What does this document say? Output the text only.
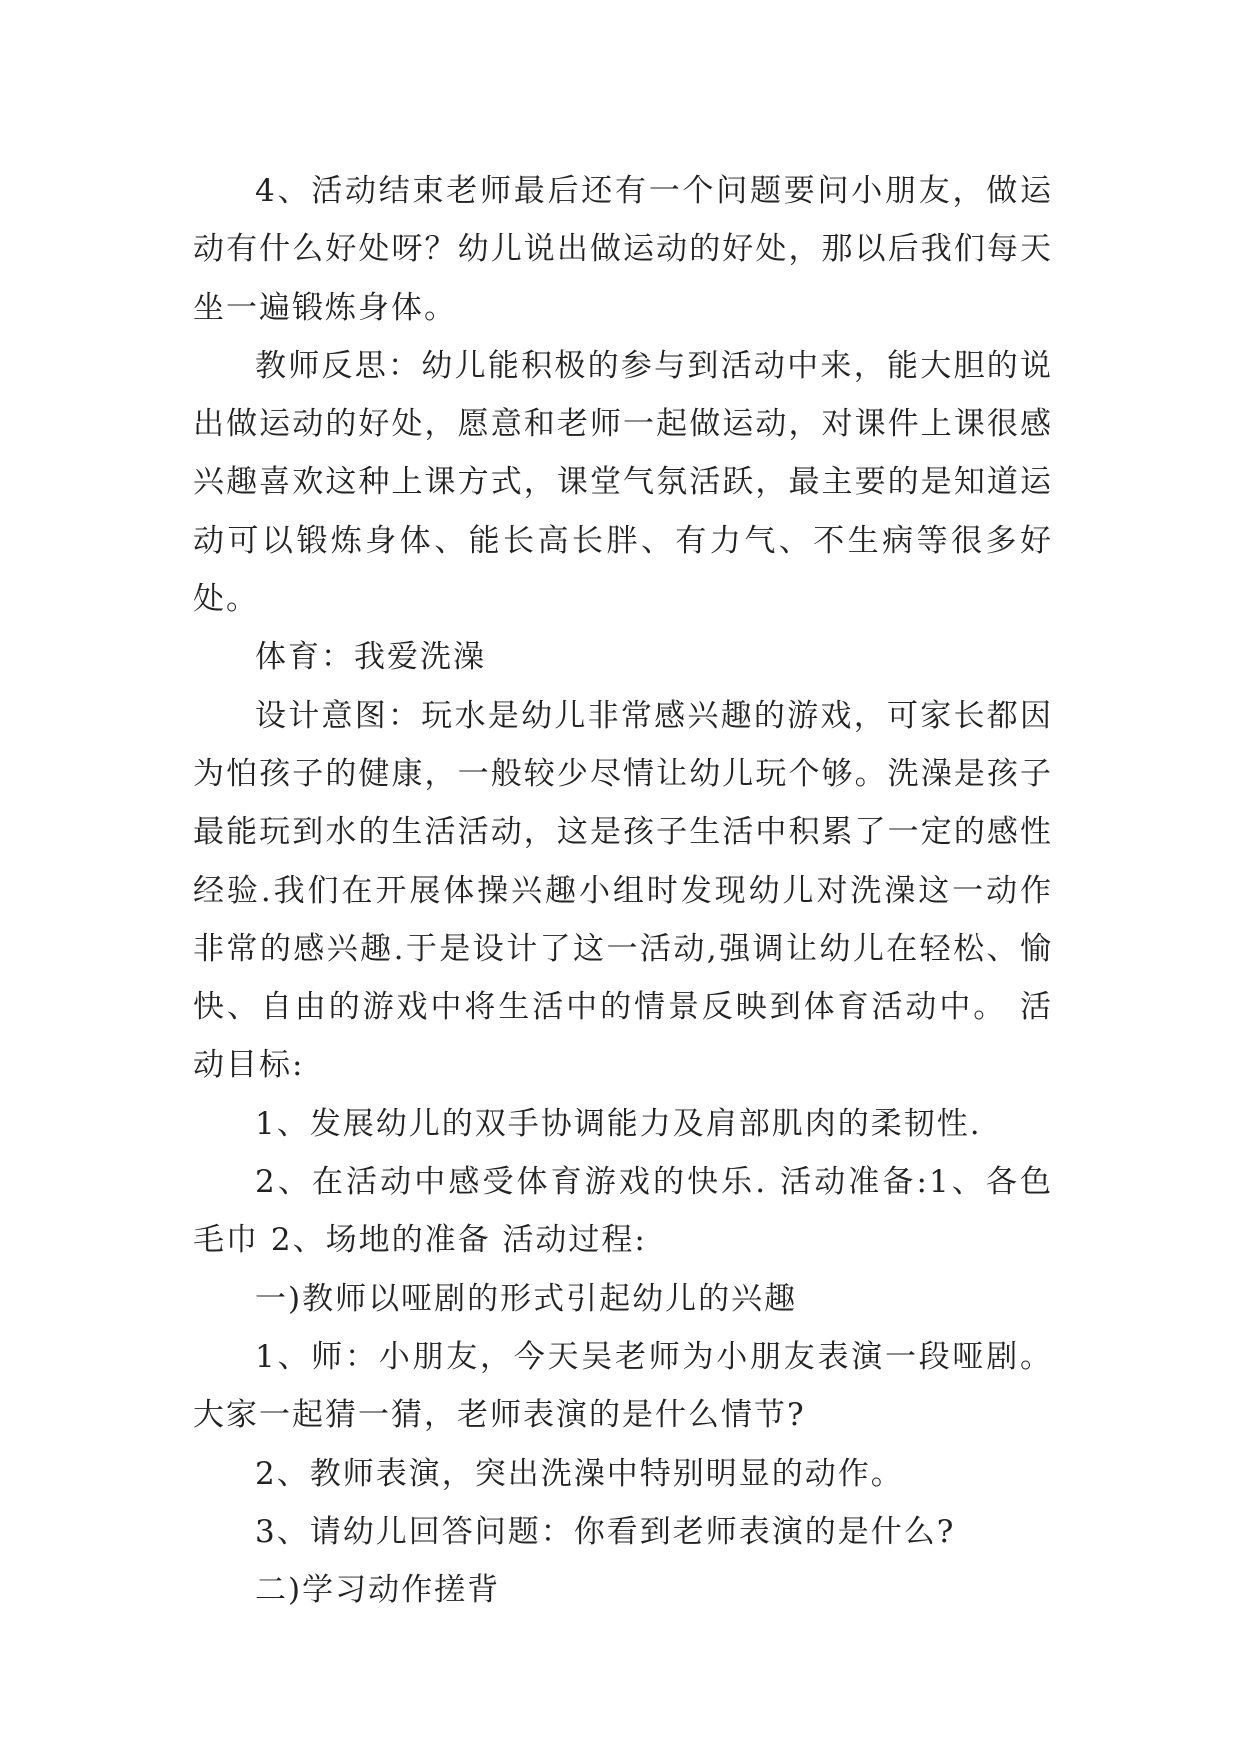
4、活动结束老师最后还有一个问题要问小朋友，做运动有什么好处呀？幼儿说出做运动的好处，那以后我们每天坐一遍锻炼身体。

教师反思：幼儿能积极的参与到活动中来，能大胆的说出做运动的好处，愿意和老师一起做运动，对课件上课很感兴趣喜欢这种上课方式，课堂气氛活跃，最主要的是知道运动可以锻炼身体、能长高长胖、有力气、不生病等很多好处。

体育：我爱洗澡

设计意图：玩水是幼儿非常感兴趣的游戏，可家长都因为怕孩子的健康，一般较少尽情让幼儿玩个够。洗澡是孩子最能玩到水的生活活动，这是孩子生活中积累了一定的感性经验.我们在开展体操兴趣小组时发现幼儿对洗澡这一动作非常的感兴趣.于是设计了这一活动,强调让幼儿在轻松、愉快、自由的游戏中将生活中的情景反映到体育活动中。 活动目标:

1、发展幼儿的双手协调能力及肩部肌肉的柔韧性.

2、在活动中感受体育游戏的快乐. 活动准备:1、各色毛巾 2、场地的准备 活动过程:

一)教师以哑剧的形式引起幼儿的兴趣

1、师：小朋友，今天吴老师为小朋友表演一段哑剧。大家一起猜一猜，老师表演的是什么情节?

2、教师表演，突出洗澡中特别明显的动作。

3、请幼儿回答问题：你看到老师表演的是什么?

二)学习动作搓背
